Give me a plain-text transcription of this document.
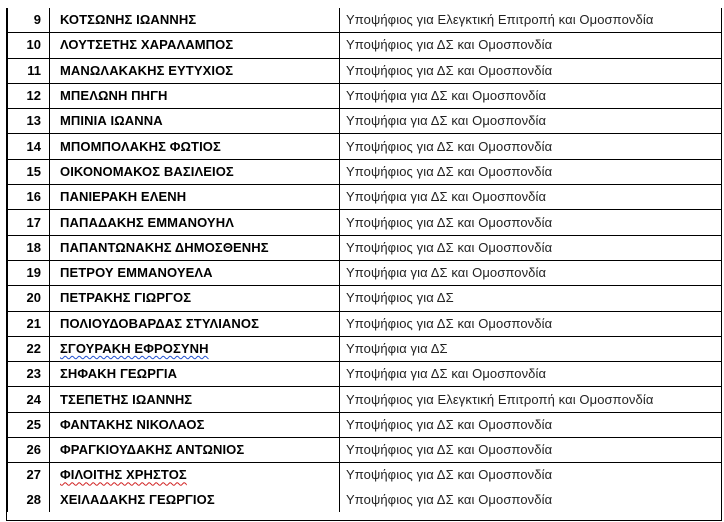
9	ΚΟΤΣΩΝΗΣ ΙΩΑΝΝΗΣ	Υποψήφιος για Ελεγκτική Επιτροπή και Ομοσπονδία
10	ΛΟΥΤΣΕΤΗΣ ΧΑΡΑΛΑΜΠΟΣ	Υποψήφιος για ΔΣ και Ομοσπονδία
11	ΜΑΝΩΛΑΚΑΚΗΣ ΕΥΤΥΧΙΟΣ	Υποψήφιος για ΔΣ και Ομοσπονδία
12	ΜΠΕΛΩΝΗ ΠΗΓΗ	Υποψήφια για ΔΣ και Ομοσπονδία
13	ΜΠΙΝΙΑ ΙΩΑΝΝΑ	Υποψήφια για ΔΣ και Ομοσπονδία
14	ΜΠΟΜΠΟΛΑΚΗΣ ΦΩΤΙΟΣ	Υποψήφιος για ΔΣ και Ομοσπονδία
15	ΟΙΚΟΝΟΜΑΚΟΣ ΒΑΣΙΛΕΙΟΣ	Υποψήφιος για ΔΣ και Ομοσπονδία
16	ΠΑΝΙΕΡΑΚΗ ΕΛΕΝΗ	Υποψήφια για ΔΣ και Ομοσπονδία
17	ΠΑΠΑΔΑΚΗΣ ΕΜΜΑΝΟΥΗΛ	Υποψήφιος για ΔΣ και Ομοσπονδία
18	ΠΑΠΑΝΤΩΝΑΚΗΣ ΔΗΜΟΣΘΕΝΗΣ	Υποψήφιος για ΔΣ και Ομοσπονδία
19	ΠΕΤΡΟΥ ΕΜΜΑΝΟΥΕΛΑ	Υποψήφια για ΔΣ και Ομοσπονδία
20	ΠΕΤΡΑΚΗΣ ΓΙΩΡΓΟΣ	Υποψήφιος για ΔΣ
21	ΠΟΛΙΟΥΔΟΒΑΡΔΑΣ ΣΤΥΛΙΑΝΟΣ	Υποψήφιος για ΔΣ και Ομοσπονδία
22	ΣΓΟΥΡΑΚΗ ΕΦΡΟΣΥΝΗ	Υποψήφια για ΔΣ
23	ΣΗΦΑΚΗ ΓΕΩΡΓΙΑ	Υποψήφια για ΔΣ και Ομοσπονδία
24	ΤΣΕΠΕΤΗΣ ΙΩΑΝΝΗΣ	Υποψήφιος για Ελεγκτική Επιτροπή και Ομοσπονδία
25	ΦΑΝΤΑΚΗΣ ΝΙΚΟΛΑΟΣ	Υποψήφιος για ΔΣ και Ομοσπονδία
26	ΦΡΑΓΚΙΟΥΔΑΚΗΣ ΑΝΤΩΝΙΟΣ	Υποψήφιος για ΔΣ και Ομοσπονδία
27	ΦΙΛΟΙΤΗΣ ΧΡΗΣΤΟΣ	Υποψήφιος για ΔΣ και Ομοσπονδία
28	ΧΕΙΛΑΔΑΚΗΣ ΓΕΩΡΓΙΟΣ	Υποψήφιος για ΔΣ και Ομοσπονδία
